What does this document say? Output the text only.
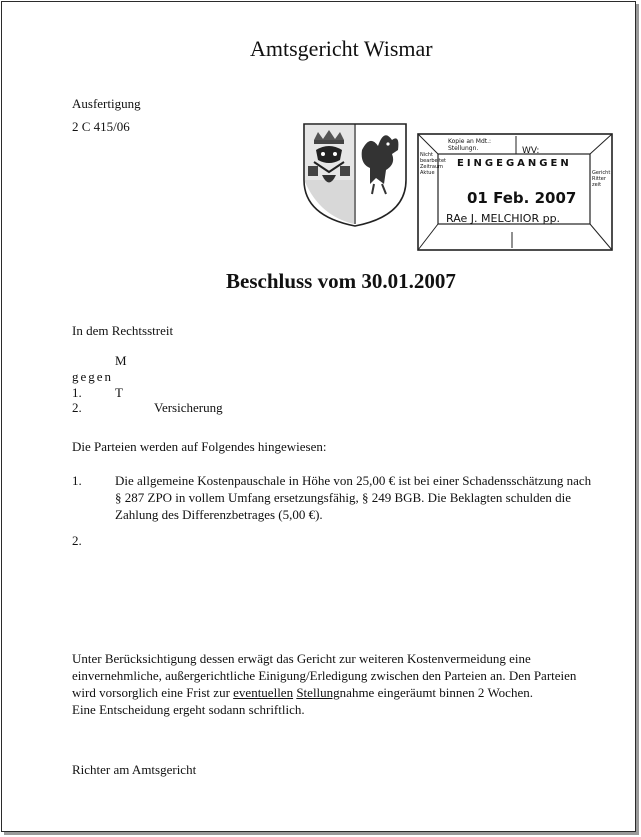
Amtsgericht Wismar
Ausfertigung
2 C 415/06
Kopie an Mdt.:
Stellungn.	WV:
EINGEGANGEN
01 Feb. 2007
RAe J. MELCHIOR pp.
Nicht bearbeitet
Zeitraum
Aktue	Gericht
Ritter
zeit
Beschluss vom 30.01.2007
In dem Rechtsstreit
M
gegen
1.	T
2.	Versicherung
Die Parteien werden auf Folgendes hingewiesen:
1.	Die allgemeine Kostenpauschale in Höhe von 25,00 € ist bei einer Schadensschätzung nach
§ 287 ZPO in vollem Umfang ersetzungsfähig, § 249 BGB. Die Beklagten schulden die
Zahlung des Differenzbetrages (5,00 €).
2.
Unter Berücksichtigung dessen erwägt das Gericht zur weiteren Kostenvermeidung eine
einvernehmliche, außergerichtliche Einigung/Erledigung zwischen den Parteien an. Den Parteien
wird vorsorglich eine Frist zur eventuellen Stellungnahme eingeräumt binnen 2 Wochen.
Eine Entscheidung ergeht sodann schriftlich.
Richter am Amtsgericht
